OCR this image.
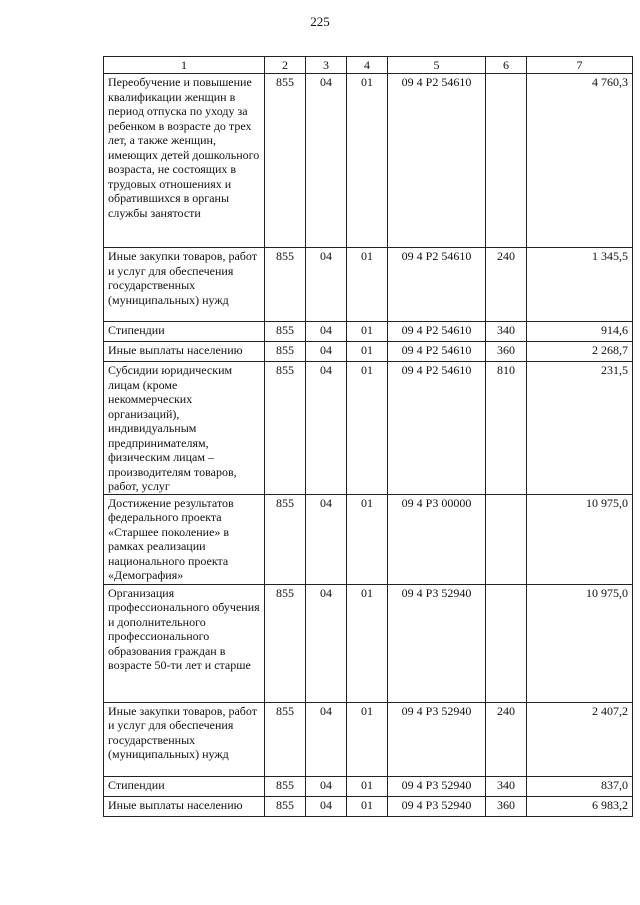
225
1	2	3	4	5	6	7
Переобучение и повышение квалификации женщин в период отпуска по уходу за ребенком в возрасте до трех лет, а также женщин, имеющих детей дошкольного возраста, не состоящих в трудовых отношениях и обратившихся в органы службы занятости	855	04	01	09 4 P2 54610		4 760,3
Иные закупки товаров, работ и услуг для обеспечения государственных (муниципальных) нужд	855	04	01	09 4 P2 54610	240	1 345,5
Стипендии	855	04	01	09 4 P2 54610	340	914,6
Иные выплаты населению	855	04	01	09 4 P2 54610	360	2 268,7
Субсидии юридическим лицам (кроме некоммерческих организаций), индивидуальным предпринимателям, физическим лицам – производителям товаров, работ, услуг	855	04	01	09 4 P2 54610	810	231,5
Достижение результатов федерального проекта «Старшее поколение» в рамках реализации национального проекта «Демография»	855	04	01	09 4 P3 00000		10 975,0
Организация профессионального обучения и дополнительного профессионального образования граждан в возрасте 50-ти лет и старше	855	04	01	09 4 P3 52940		10 975,0
Иные закупки товаров, работ и услуг для обеспечения государственных (муниципальных) нужд	855	04	01	09 4 P3 52940	240	2 407,2
Стипендии	855	04	01	09 4 P3 52940	340	837,0
Иные выплаты населению	855	04	01	09 4 P3 52940	360	6 983,2
